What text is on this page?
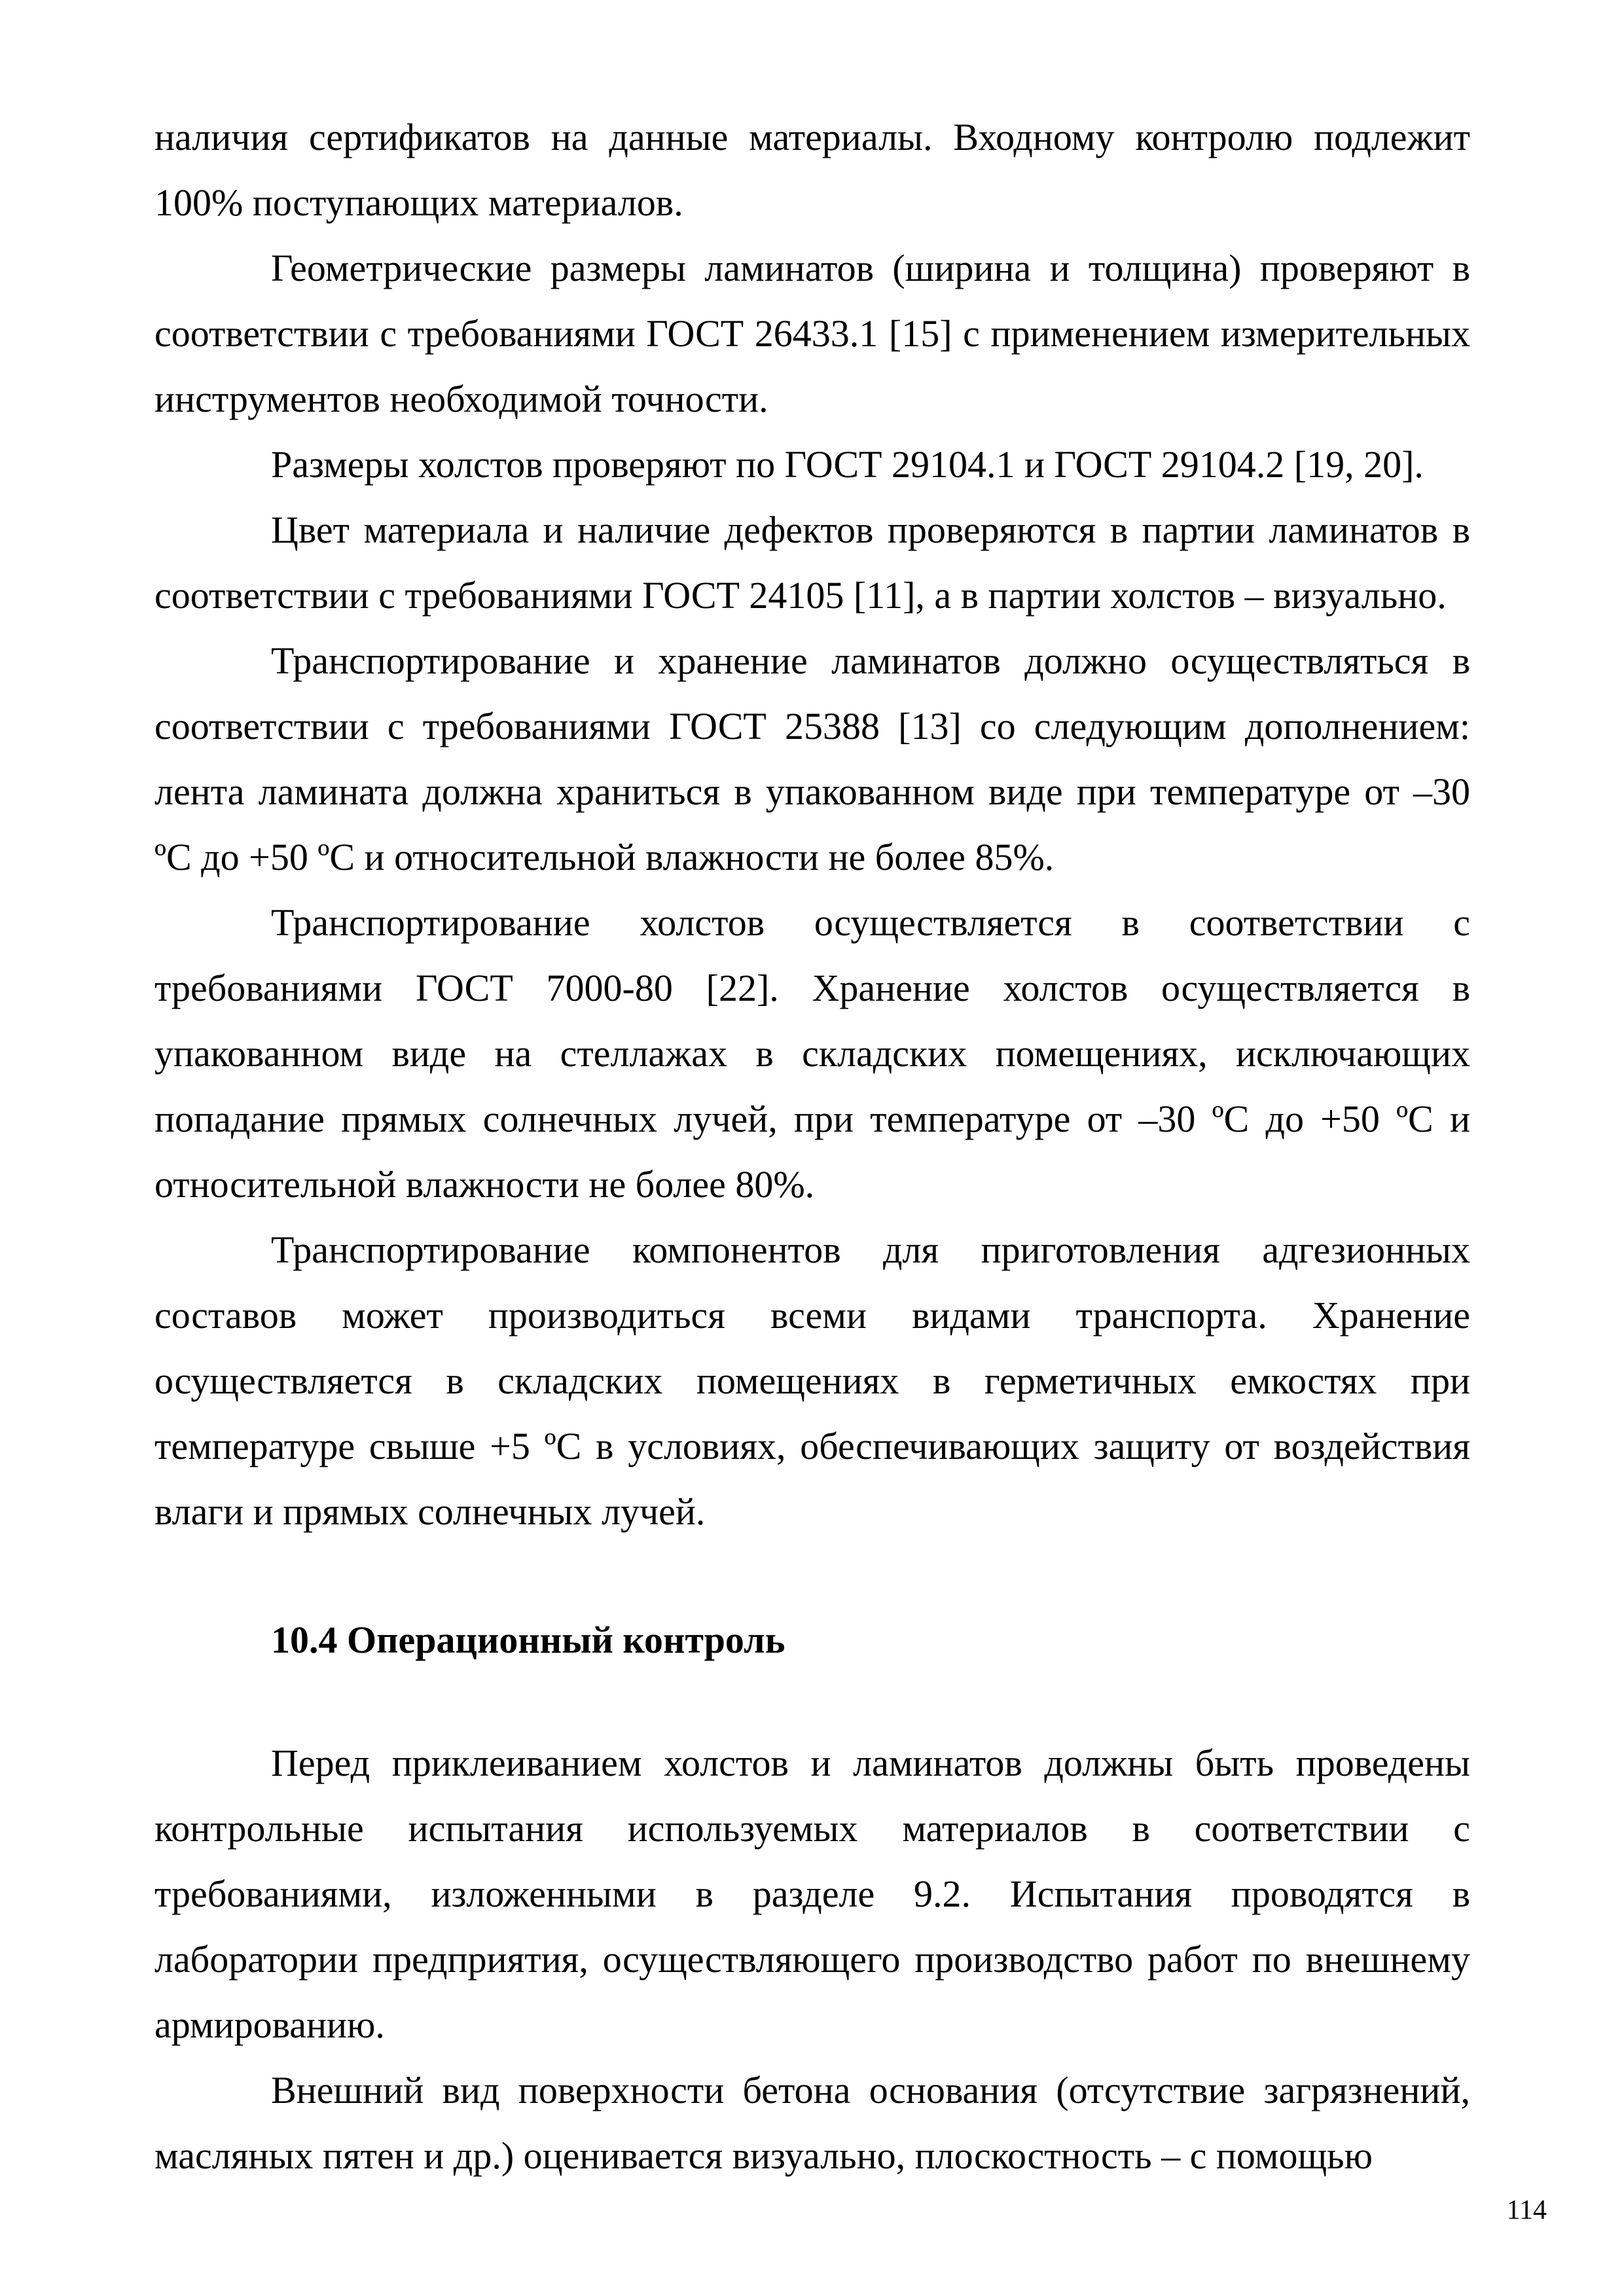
наличия сертификатов на данные материалы. Входному контролю подлежит 100% поступающих материалов.

Геометрические размеры ламинатов (ширина и толщина) проверяют в соответствии с требованиями ГОСТ 26433.1 [15] с применением измерительных инструментов необходимой точности.

Размеры холстов проверяют по ГОСТ 29104.1 и ГОСТ 29104.2 [19, 20].

Цвет материала и наличие дефектов проверяются в партии ламинатов в соответствии с требованиями ГОСТ 24105 [11], а в партии холстов – визуально.

Транспортирование и хранение ламинатов должно осуществляться в соответствии с требованиями ГОСТ 25388 [13] со следующим дополнением: лента ламината должна храниться в упакованном виде при температуре от –30 ºС до +50 ºС и относительной влажности не более 85%.

Транспортирование холстов осуществляется в соответствии с требованиями ГОСТ 7000-80 [22]. Хранение холстов осуществляется в упакованном виде на стеллажах в складских помещениях, исключающих попадание прямых солнечных лучей, при температуре от –30 ºС до +50 ºС и относительной влажности не более 80%.

Транспортирование компонентов для приготовления адгезионных составов может производиться всеми видами транспорта. Хранение осуществляется в складских помещениях в герметичных емкостях при температуре свыше +5 ºС в условиях, обеспечивающих защиту от воздействия влаги и прямых солнечных лучей.

10.4 Операционный контроль

Перед приклеиванием холстов и ламинатов должны быть проведены контрольные испытания используемых материалов в соответствии с требованиями, изложенными в разделе 9.2. Испытания проводятся в лаборатории предприятия, осуществляющего производство работ по внешнему армированию.

Внешний вид поверхности бетона основания (отсутствие загрязнений, масляных пятен и др.) оценивается визуально, плоскостность – с помощью

114
